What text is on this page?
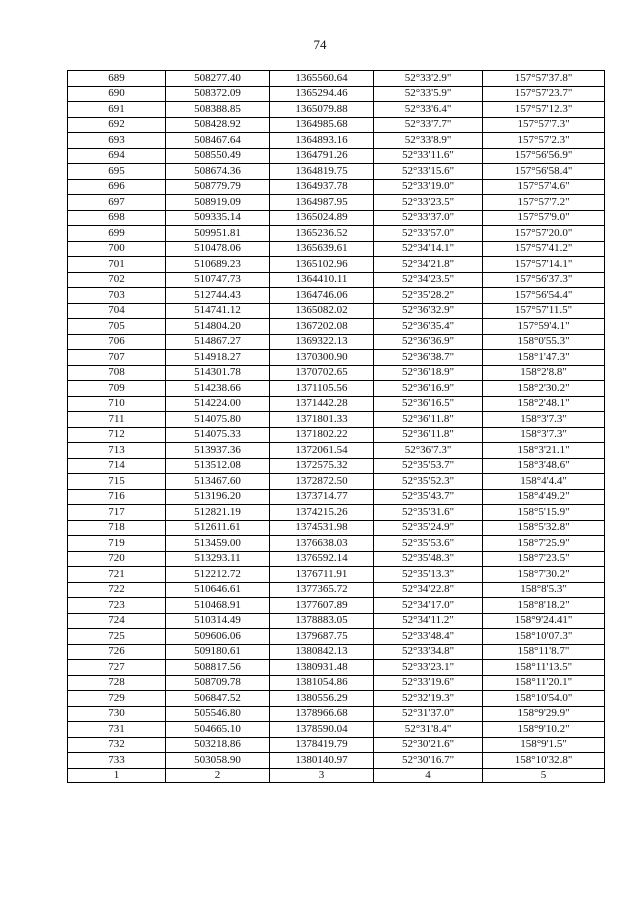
74
689	508277.40	1365560.64	52°33'2.9"	157°57'37.8"
690	508372.09	1365294.46	52°33'5.9"	157°57'23.7"
691	508388.85	1365079.88	52°33'6.4"	157°57'12.3"
692	508428.92	1364985.68	52°33'7.7"	157°57'7.3"
693	508467.64	1364893.16	52°33'8.9"	157°57'2.3"
694	508550.49	1364791.26	52°33'11.6"	157°56'56.9"
695	508674.36	1364819.75	52°33'15.6"	157°56'58.4"
696	508779.79	1364937.78	52°33'19.0"	157°57'4.6"
697	508919.09	1364987.95	52°33'23.5"	157°57'7.2"
698	509335.14	1365024.89	52°33'37.0"	157°57'9.0"
699	509951.81	1365236.52	52°33'57.0"	157°57'20.0"
700	510478.06	1365639.61	52°34'14.1"	157°57'41.2"
701	510689.23	1365102.96	52°34'21.8"	157°57'14.1"
702	510747.73	1364410.11	52°34'23.5"	157°56'37.3"
703	512744.43	1364746.06	52°35'28.2"	157°56'54.4"
704	514741.12	1365082.02	52°36'32.9"	157°57'11.5"
705	514804.20	1367202.08	52°36'35.4"	157°59'4.1"
706	514867.27	1369322.13	52°36'36.9"	158°0'55.3"
707	514918.27	1370300.90	52°36'38.7"	158°1'47.3"
708	514301.78	1370702.65	52°36'18.9"	158°2'8.8"
709	514238.66	1371105.56	52°36'16.9"	158°2'30.2"
710	514224.00	1371442.28	52°36'16.5"	158°2'48.1"
711	514075.80	1371801.33	52°36'11.8"	158°3'7.3"
712	514075.33	1371802.22	52°36'11.8"	158°3'7.3"
713	513937.36	1372061.54	52°36'7.3"	158°3'21.1"
714	513512.08	1372575.32	52°35'53.7"	158°3'48.6"
715	513467.60	1372872.50	52°35'52.3"	158°4'4.4"
716	513196.20	1373714.77	52°35'43.7"	158°4'49.2"
717	512821.19	1374215.26	52°35'31.6"	158°5'15.9"
718	512611.61	1374531.98	52°35'24.9"	158°5'32.8"
719	513459.00	1376638.03	52°35'53.6"	158°7'25.9"
720	513293.11	1376592.14	52°35'48.3"	158°7'23.5"
721	512212.72	1376711.91	52°35'13.3"	158°7'30.2"
722	510646.61	1377365.72	52°34'22.8"	158°8'5.3"
723	510468.91	1377607.89	52°34'17.0"	158°8'18.2"
724	510314.49	1378883.05	52°34'11.2"	158°9'24.41"
725	509606.06	1379687.75	52°33'48.4"	158°10'07.3"
726	509180.61	1380842.13	52°33'34.8"	158°11'8.7"
727	508817.56	1380931.48	52°33'23.1"	158°11'13.5"
728	508709.78	1381054.86	52°33'19.6"	158°11'20.1"
729	506847.52	1380556.29	52°32'19.3"	158°10'54.0"
730	505546.80	1378966.68	52°31'37.0"	158°9'29.9"
731	504665.10	1378590.04	52°31'8.4"	158°9'10.2"
732	503218.86	1378419.79	52°30'21.6"	158°9'1.5"
733	503058.90	1380140.97	52°30'16.7"	158°10'32.8"
1	2	3	4	5
